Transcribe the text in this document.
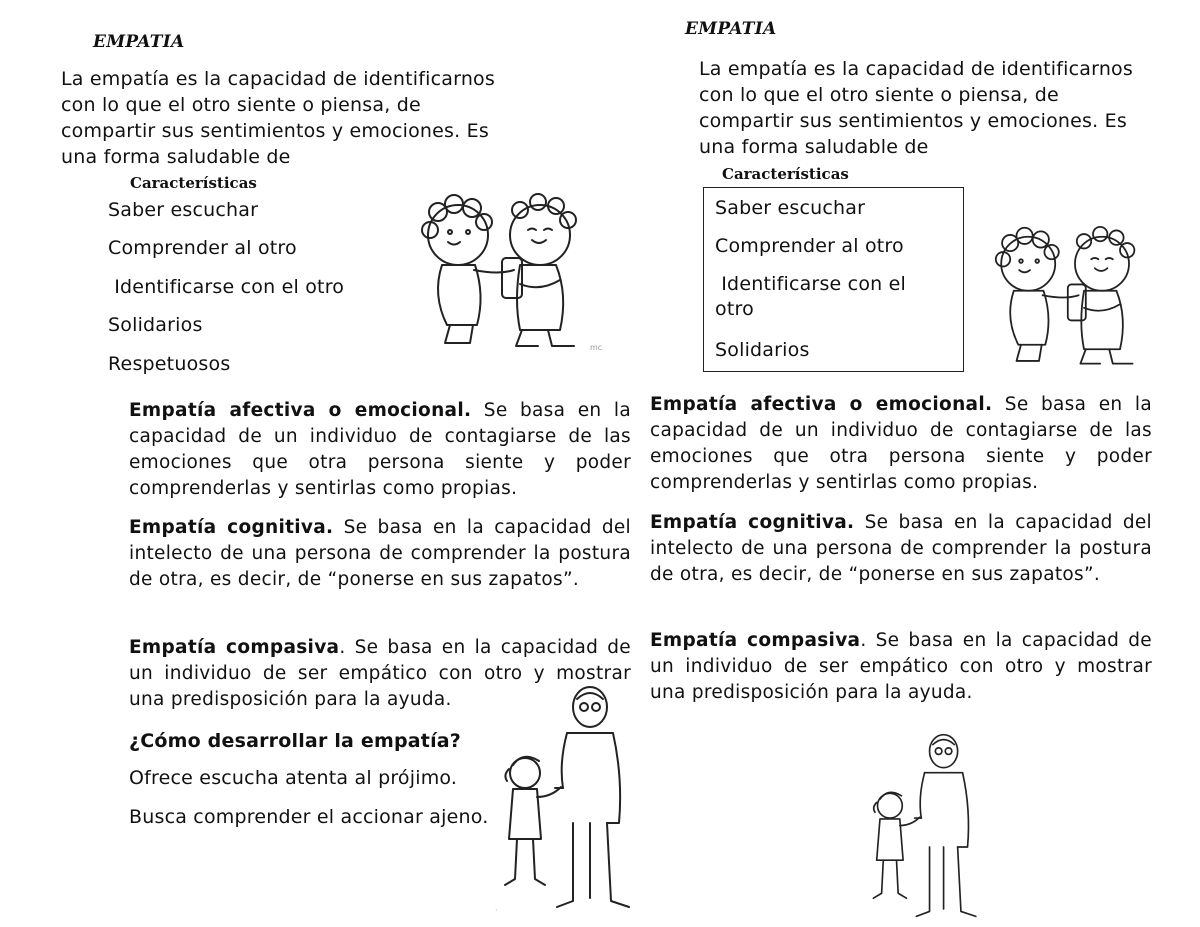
EMPATIA
La empatía es la capacidad de identificarnos con lo que el otro siente o piensa, de compartir sus sentimientos y emociones. Es una forma saludable de
Características
Saber escuchar
Comprender al otro
Identificarse con el otro
Solidarios
Respetuosos
Empatía afectiva o emocional. Se basa en la capacidad de un individuo de contagiarse de las emociones que otra persona siente y poder comprenderlas y sentirlas como propias.
Empatía cognitiva. Se basa en la capacidad del intelecto de una persona de comprender la postura de otra, es decir, de “ponerse en sus zapatos”.
Empatía compasiva. Se basa en la capacidad de un individuo de ser empático con otro y mostrar una predisposición para la ayuda.
¿Cómo desarrollar la empatía?
Ofrece escucha atenta al prójimo.
Busca comprender el accionar ajeno.
EMPATIA
La empatía es la capacidad de identificarnos con lo que el otro siente o piensa, de compartir sus sentimientos y emociones. Es una forma saludable de
Características
Saber escuchar
Comprender al otro
Identificarse con el otro
Solidarios
Empatía afectiva o emocional. Se basa en la capacidad de un individuo de contagiarse de las emociones que otra persona siente y poder comprenderlas y sentirlas como propias.
Empatía cognitiva. Se basa en la capacidad del intelecto de una persona de comprender la postura de otra, es decir, de “ponerse en sus zapatos”.
Empatía compasiva. Se basa en la capacidad de un individuo de ser empático con otro y mostrar una predisposición para la ayuda.
mc
·
